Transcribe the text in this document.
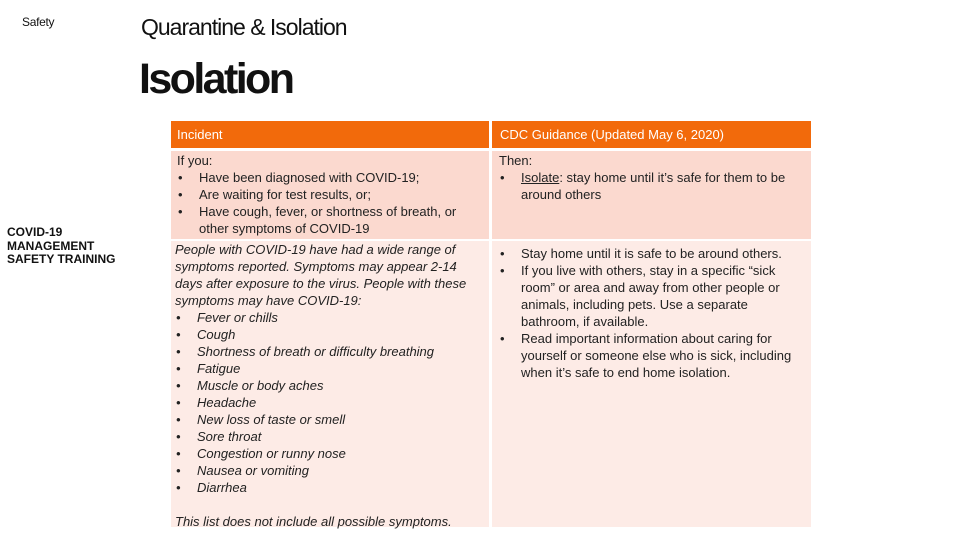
Safety
COVID-19 MANAGEMENT SAFETY TRAINING
Quarantine & Isolation
Isolation
Incident	CDC Guidance (Updated May 6, 2020)
If you:
• Have been diagnosed with COVID-19;
• Are waiting for test results, or;
• Have cough, fever, or shortness of breath, or other symptoms of COVID-19
Then:
• Isolate: stay home until it’s safe for them to be around others
People with COVID-19 have had a wide range of symptoms reported. Symptoms may appear 2-14 days after exposure to the virus. People with these symptoms may have COVID-19:
• Fever or chills
• Cough
• Shortness of breath or difficulty breathing
• Fatigue
• Muscle or body aches
• Headache
• New loss of taste or smell
• Sore throat
• Congestion or runny nose
• Nausea or vomiting
• Diarrhea
This list does not include all possible symptoms.
• Stay home until it is safe to be around others.
• If you live with others, stay in a specific “sick room” or area and away from other people or animals, including pets. Use a separate bathroom, if available.
• Read important information about caring for yourself or someone else who is sick, including when it’s safe to end home isolation.
